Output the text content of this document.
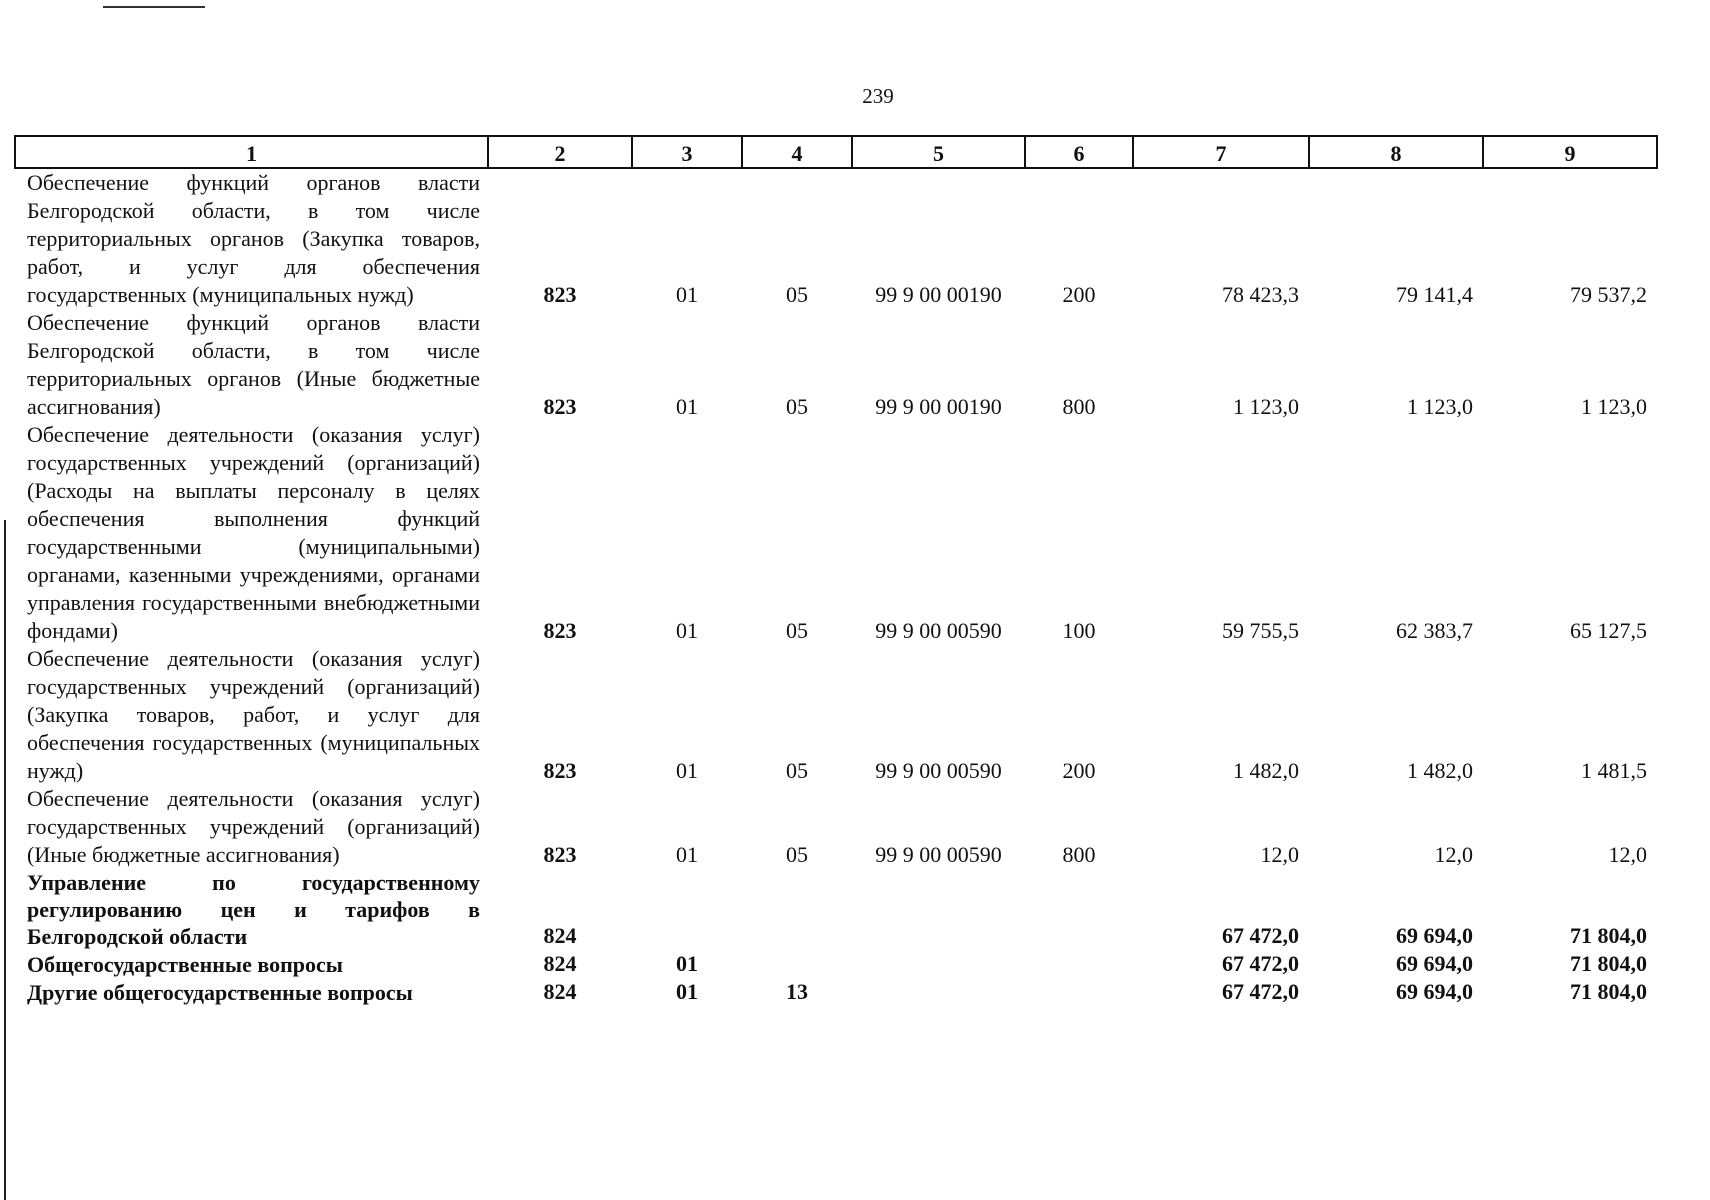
239
1	2	3	4	5	6	7	8	9
Обеспечение функций органов власти Белгородской области, в том числе территориальных органов (Закупка товаров, работ, и услуг для обеспечения государственных (муниципальных нужд)	823	01	05	99 9 00 00190	200	78 423,3	79 141,4	79 537,2
Обеспечение функций органов власти Белгородской области, в том числе территориальных органов (Иные бюджетные ассигнования)	823	01	05	99 9 00 00190	800	1 123,0	1 123,0	1 123,0
Обеспечение деятельности (оказания услуг) государственных учреждений (организаций) (Расходы на выплаты персоналу в целях обеспечения выполнения функций государственными (муниципальными) органами, казенными учреждениями, органами управления государственными внебюджетными фондами)	823	01	05	99 9 00 00590	100	59 755,5	62 383,7	65 127,5
Обеспечение деятельности (оказания услуг) государственных учреждений (организаций) (Закупка товаров, работ, и услуг для обеспечения государственных (муниципальных нужд)	823	01	05	99 9 00 00590	200	1 482,0	1 482,0	1 481,5
Обеспечение деятельности (оказания услуг) государственных учреждений (организаций) (Иные бюджетные ассигнования)	823	01	05	99 9 00 00590	800	12,0	12,0	12,0
Управление по государственному регулированию цен и тарифов в Белгородской области	824					67 472,0	69 694,0	71 804,0
Общегосударственные вопросы	824	01				67 472,0	69 694,0	71 804,0
Другие общегосударственные вопросы	824	01	13			67 472,0	69 694,0	71 804,0
